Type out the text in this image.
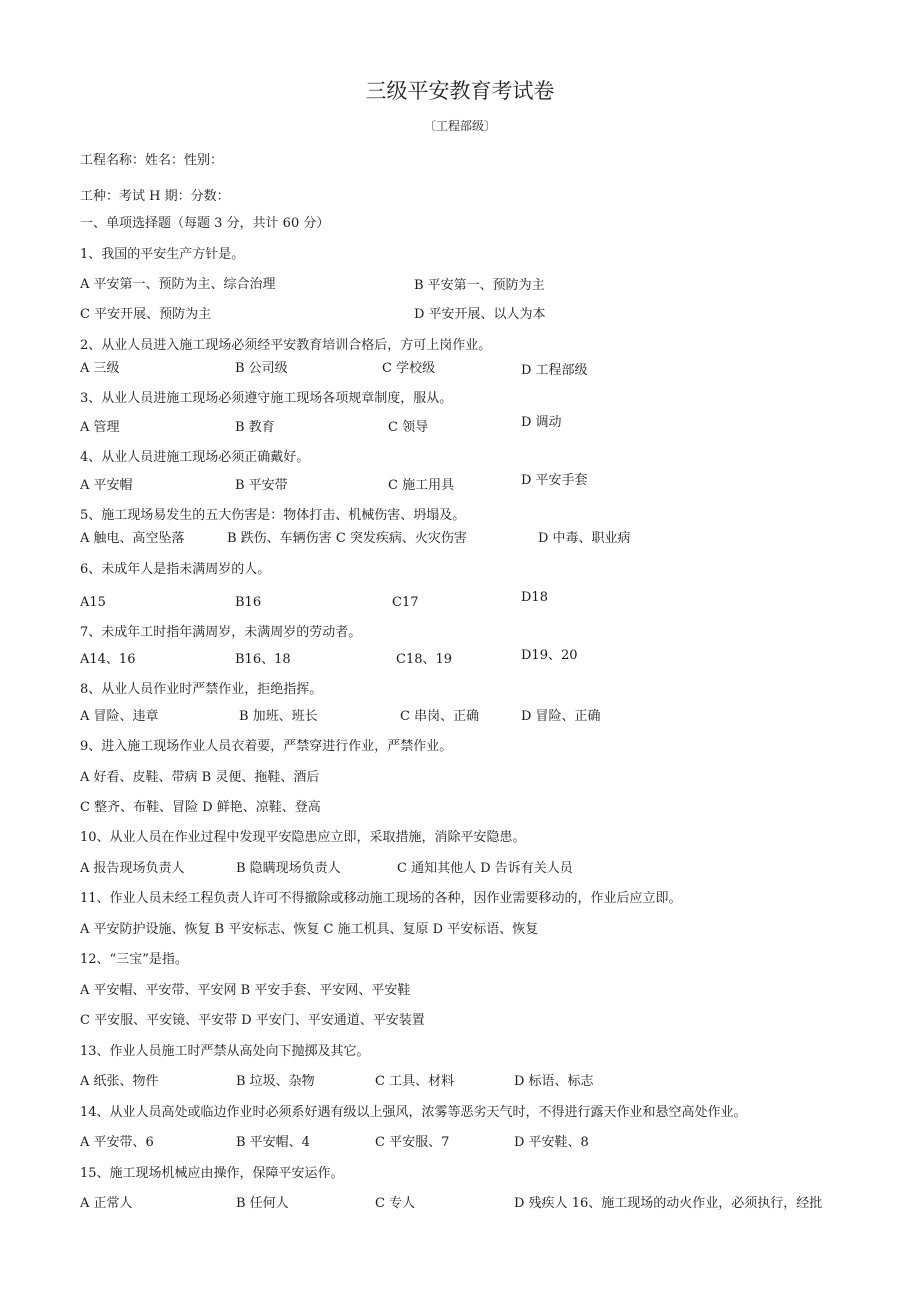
三级平安教育考试卷
〔工程部级〕
工程名称：姓名：性别：
工种：考试 H 期：分数：
一、单项选择题（每题 3 分，共计 60 分）
1、我国的平安生产方针是。
A 平安第一、预防为主、综合治理	B 平安第一、预防为主
C 平安开展、预防为主	D 平安开展、以人为本
2、从业人员进入施工现场必须经平安教育培训合格后，方可上岗作业。
A 三级	B 公司级	C 学校级	D 工程部级
3、从业人员进施工现场必须遵守施工现场各项规章制度，服从。
A 管理	B 教育	C 领导	D 调动
4、从业人员进施工现场必须正确戴好。
A 平安帽	B 平安带	C 施工用具	D 平安手套
5、施工现场易发生的五大伤害是：物体打击、机械伤害、坍塌及。
A 触电、高空坠落	B 跌伤、车辆伤害 C 突发疾病、火灾伤害	D 中毒、职业病
6、未成年人是指未满周岁的人。
A15	B16	C17	D18
7、未成年工时指年满周岁，未满周岁的劳动者。
A14、16	B16、18	C18、19	D19、20
8、从业人员作业时严禁作业，拒绝指挥。
A 冒险、违章	B 加班、班长	C 串岗、正确	D 冒险、正确
9、进入施工现场作业人员衣着要，严禁穿进行作业，严禁作业。
A 好看、皮鞋、带病 B 灵便、拖鞋、酒后
C 整齐、布鞋、冒险 D 鲜艳、凉鞋、登高
10、从业人员在作业过程中发现平安隐患应立即，采取措施，消除平安隐患。
A 报告现场负责人	B 隐瞒现场负责人	C 通知其他人 D 告诉有关人员
11、作业人员未经工程负责人许可不得撤除或移动施工现场的各种，因作业需要移动的，作业后应立即。
A 平安防护设施、恢复 B 平安标志、恢复 C 施工机具、复原 D 平安标语、恢复
12、“三宝”是指。
A 平安帽、平安带、平安网 B 平安手套、平安网、平安鞋
C 平安服、平安镜、平安带 D 平安门、平安通道、平安装置
13、作业人员施工时严禁从高处向下抛掷及其它。
A 纸张、物件	B 垃圾、杂物	C 工具、材料	D 标语、标志
14、从业人员高处或临边作业时必须系好遇有级以上强风，浓雾等恶劣天气时，不得进行露天作业和悬空高处作业。
A 平安带、6	B 平安帽、4	C 平安服、7	D 平安鞋、8
15、施工现场机械应由操作，保障平安运作。
A 正常人	B 任何人	C 专人	D 残疾人 16、施工现场的动火作业，必须执行，经批
